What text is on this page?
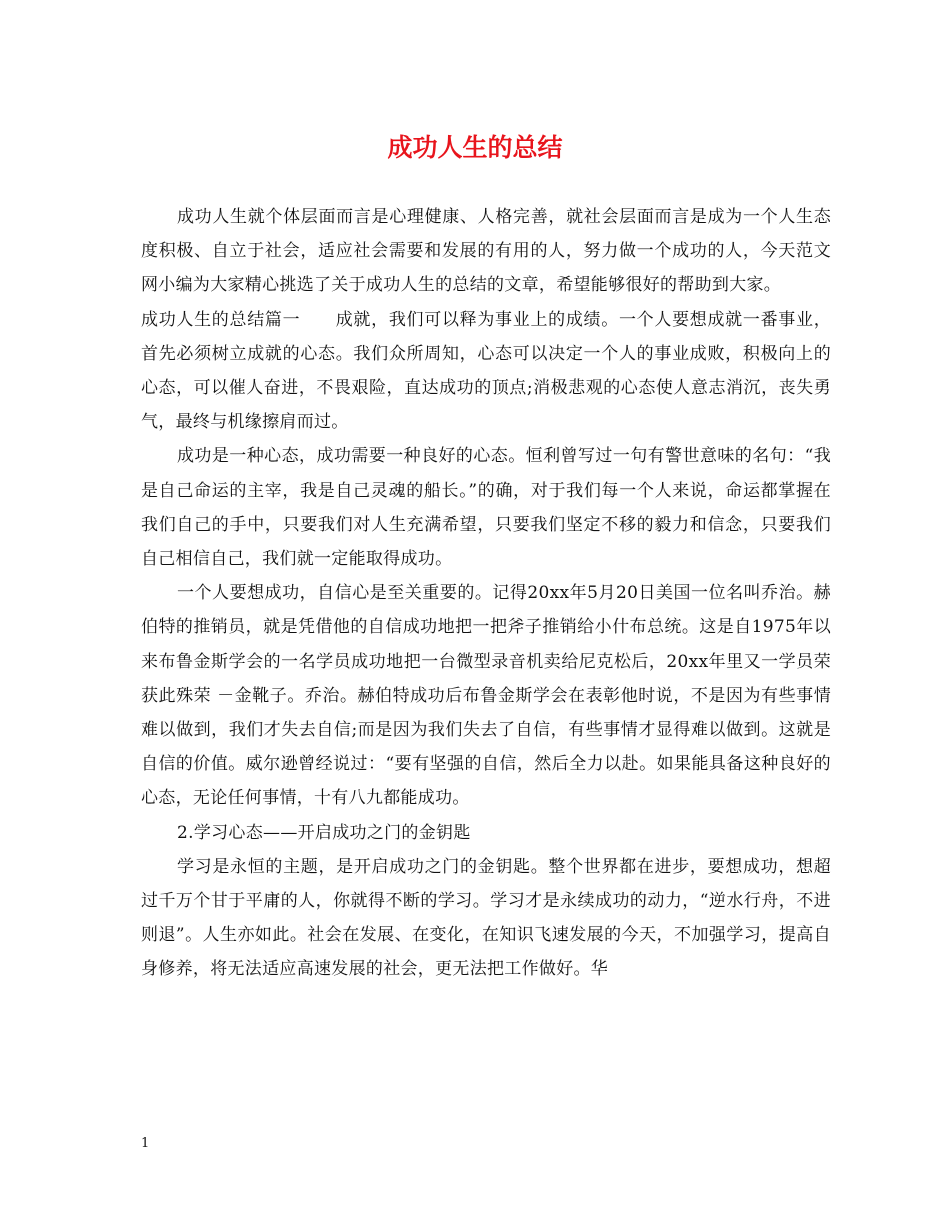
成功人生的总结

成功人生就个体层面而言是心理健康、人格完善，就社会层面而言是成为一个人生态度积极、自立于社会，适应社会需要和发展的有用的人，努力做一个成功的人，今天范文网小编为大家精心挑选了关于成功人生的总结的文章，希望能够很好的帮助到大家。

成功人生的总结篇一　　成就，我们可以释为事业上的成绩。一个人要想成就一番事业，首先必须树立成就的心态。我们众所周知，心态可以决定一个人的事业成败，积极向上的心态，可以催人奋进，不畏艰险，直达成功的顶点;消极悲观的心态使人意志消沉，丧失勇气，最终与机缘擦肩而过。

成功是一种心态，成功需要一种良好的心态。恒利曾写过一句有警世意味的名句：“我是自己命运的主宰，我是自己灵魂的船长。”的确，对于我们每一个人来说，命运都掌握在我们自己的手中，只要我们对人生充满希望，只要我们坚定不移的毅力和信念，只要我们自己相信自己，我们就一定能取得成功。

一个人要想成功，自信心是至关重要的。记得20xx年5月20日美国一位名叫乔治。赫伯特的推销员，就是凭借他的自信成功地把一把斧子推销给小什布总统。这是自1975年以来布鲁金斯学会的一名学员成功地把一台微型录音机卖给尼克松后，20xx年里又一学员荣获此殊荣 －金靴子。乔治。赫伯特成功后布鲁金斯学会在表彰他时说，不是因为有些事情难以做到，我们才失去自信;而是因为我们失去了自信，有些事情才显得难以做到。这就是自信的价值。威尔逊曾经说过：“要有坚强的自信，然后全力以赴。如果能具备这种良好的心态，无论任何事情，十有八九都能成功。

2.学习心态——开启成功之门的金钥匙

学习是永恒的主题，是开启成功之门的金钥匙。整个世界都在进步，要想成功，想超过千万个甘于平庸的人，你就得不断的学习。学习才是永续成功的动力，“逆水行舟，不进则退”。人生亦如此。社会在发展、在变化，在知识飞速发展的今天，不加强学习，提高自身修养，将无法适应高速发展的社会，更无法把工作做好。华

1
